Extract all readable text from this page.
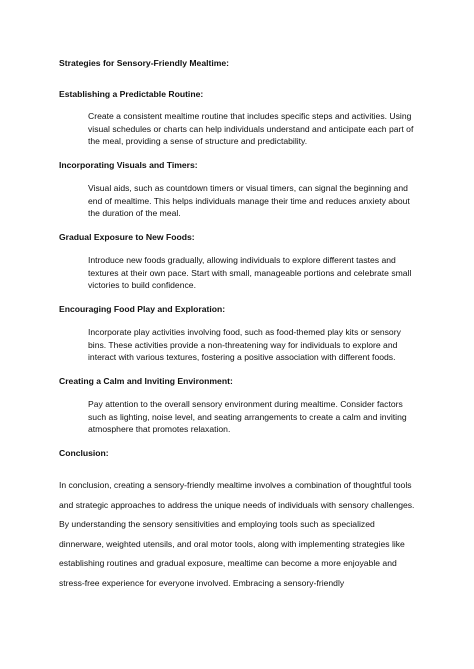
Strategies for Sensory-Friendly Mealtime:

Establishing a Predictable Routine:

Create a consistent mealtime routine that includes specific steps and activities. Using visual schedules or charts can help individuals understand and anticipate each part of the meal, providing a sense of structure and predictability.

Incorporating Visuals and Timers:

Visual aids, such as countdown timers or visual timers, can signal the beginning and end of mealtime. This helps individuals manage their time and reduces anxiety about the duration of the meal.

Gradual Exposure to New Foods:

Introduce new foods gradually, allowing individuals to explore different tastes and textures at their own pace. Start with small, manageable portions and celebrate small victories to build confidence.

Encouraging Food Play and Exploration:

Incorporate play activities involving food, such as food-themed play kits or sensory bins. These activities provide a non-threatening way for individuals to explore and interact with various textures, fostering a positive association with different foods.

Creating a Calm and Inviting Environment:

Pay attention to the overall sensory environment during mealtime. Consider factors such as lighting, noise level, and seating arrangements to create a calm and inviting atmosphere that promotes relaxation.

Conclusion:

In conclusion, creating a sensory-friendly mealtime involves a combination of thoughtful tools and strategic approaches to address the unique needs of individuals with sensory challenges. By understanding the sensory sensitivities and employing tools such as specialized dinnerware, weighted utensils, and oral motor tools, along with implementing strategies like establishing routines and gradual exposure, mealtime can become a more enjoyable and stress-free experience for everyone involved. Embracing a sensory-friendly
